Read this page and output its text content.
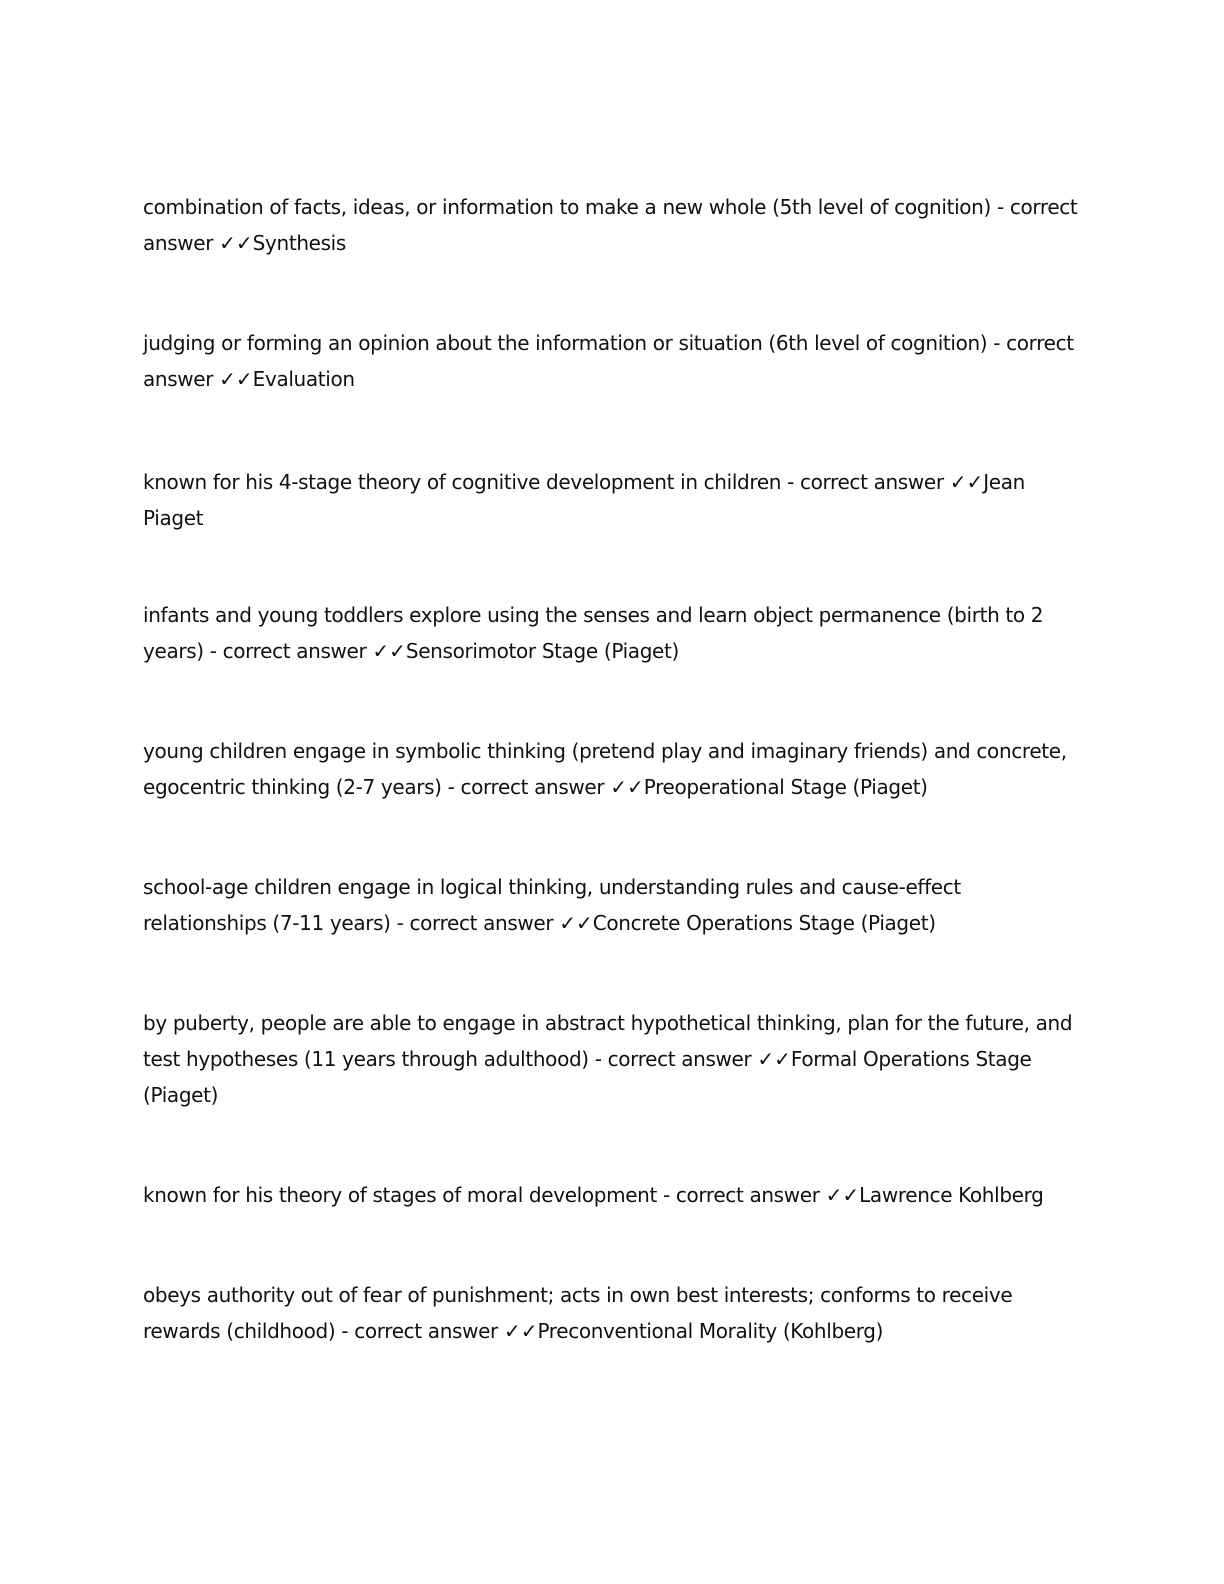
combination of facts, ideas, or information to make a new whole (5th level of cognition) - correct answer ✓✓Synthesis

judging or forming an opinion about the information or situation (6th level of cognition) - correct answer ✓✓Evaluation

known for his 4-stage theory of cognitive development in children - correct answer ✓✓Jean Piaget

infants and young toddlers explore using the senses and learn object permanence (birth to 2 years) - correct answer ✓✓Sensorimotor Stage (Piaget)

young children engage in symbolic thinking (pretend play and imaginary friends) and concrete, egocentric thinking (2-7 years) - correct answer ✓✓Preoperational Stage (Piaget)

school-age children engage in logical thinking, understanding rules and cause-effect relationships (7-11 years) - correct answer ✓✓Concrete Operations Stage (Piaget)

by puberty, people are able to engage in abstract hypothetical thinking, plan for the future, and test hypotheses (11 years through adulthood) - correct answer ✓✓Formal Operations Stage (Piaget)

known for his theory of stages of moral development - correct answer ✓✓Lawrence Kohlberg

obeys authority out of fear of punishment; acts in own best interests; conforms to receive rewards (childhood) - correct answer ✓✓Preconventional Morality (Kohlberg)
